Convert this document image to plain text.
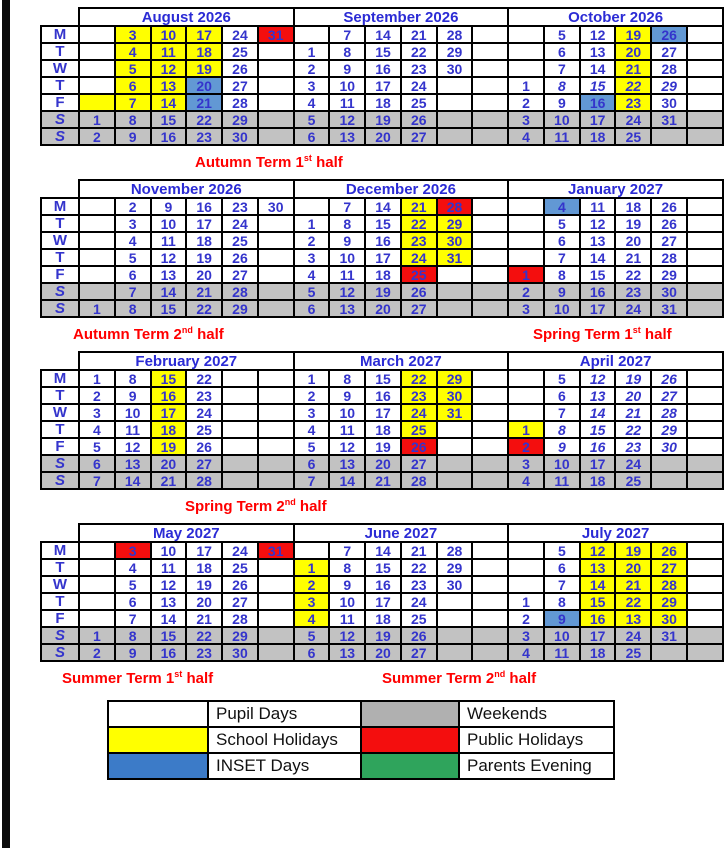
	August 2026						September 2026						October 2026					
M		3	10	17	24	31		7	14	21	28			5	12	19	26	
T		4	11	18	25		1	8	15	22	29			6	13	20	27	
W		5	12	19	26		2	9	16	23	30			7	14	21	28	
T		6	13	20	27		3	10	17	24			1	8	15	22	29	
F		7	14	21	28		4	11	18	25			2	9	16	23	30	
S	1	8	15	22	29		5	12	19	26			3	10	17	24	31	
S	2	9	16	23	30		6	13	20	27			4	11	18	25		
Autumn Term 1st half
	November 2026						December 2026						January 2027					
M		2	9	16	23	30		7	14	21	28			4	11	18	26	
T		3	10	17	24		1	8	15	22	29			5	12	19	26	
W		4	11	18	25		2	9	16	23	30			6	13	20	27	
T		5	12	19	26		3	10	17	24	31			7	14	21	28	
F		6	13	20	27		4	11	18	25			1	8	15	22	29	
S		7	14	21	28		5	12	19	26			2	9	16	23	30	
S	1	8	15	22	29		6	13	20	27			3	10	17	24	31	
Autumn Term 2nd half	Spring Term 1st half
	February 2027						March 2027						April 2027					
M	1	8	15	22			1	8	15	22	29			5	12	19	26	
T	2	9	16	23			2	9	16	23	30			6	13	20	27	
W	3	10	17	24			3	10	17	24	31			7	14	21	28	
T	4	11	18	25			4	11	18	25			1	8	15	22	29	
F	5	12	19	26			5	12	19	26			2	9	16	23	30	
S	6	13	20	27			6	13	20	27			3	10	17	24		
S	7	14	21	28			7	14	21	28			4	11	18	25		
Spring Term 2nd half
	May 2027						June 2027						July 2027					
M		3	10	17	24	31		7	14	21	28			5	12	19	26	
T		4	11	18	25		1	8	15	22	29			6	13	20	27	
W		5	12	19	26		2	9	16	23	30			7	14	21	28	
T		6	13	20	27		3	10	17	24			1	8	15	22	29	
F		7	14	21	28		4	11	18	25			2	9	16	13	30	
S	1	8	15	22	29		5	12	19	26			3	10	17	24	31	
S	2	9	16	23	30		6	13	20	27			4	11	18	25		
Summer Term 1st half	Summer Term 2nd half
	Pupil Days		Weekends
	School Holidays		Public Holidays
	INSET Days		Parents Evening
